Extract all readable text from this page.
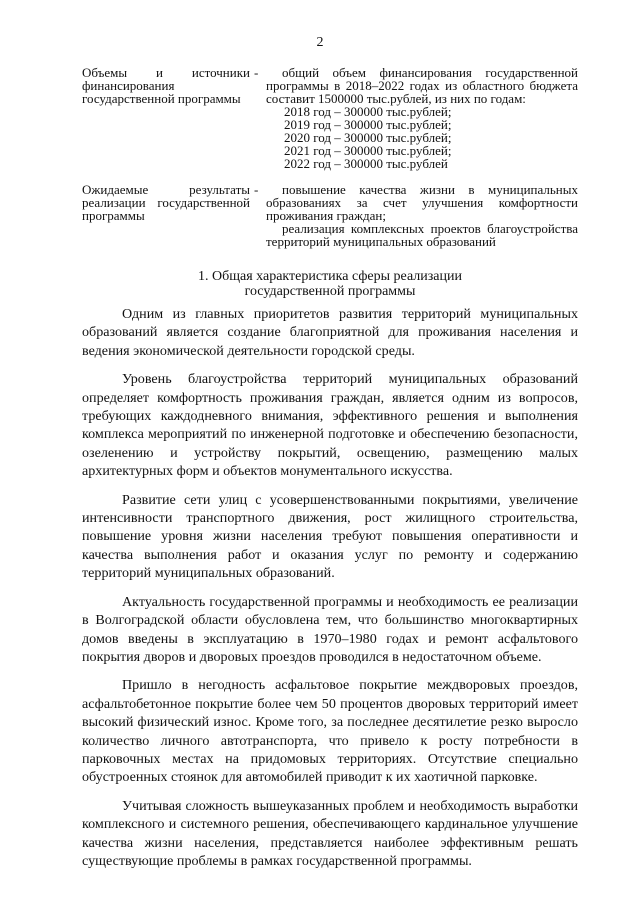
2
Объемы и источники финансирования государственной программы
-	общий объем финансирования государственной программы в 2018–2022 годах из областного бюджета составит 1500000 тыс.рублей, из них по годам:
2018 год – 300000 тыс.рублей;
2019 год – 300000 тыс.рублей;
2020 год – 300000 тыс.рублей;
2021 год – 300000 тыс.рублей;
2022 год – 300000 тыс.рублей
Ожидаемые результаты реализации государственной программы
-	повышение качества жизни в муниципальных образованиях за счет улучшения комфортности проживания граждан;
реализация комплексных проектов благоустройства территорий муниципальных образований
1. Общая характеристика сферы реализации
государственной программы

Одним из главных приоритетов развития территорий муниципальных образований является создание благоприятной для проживания населения и ведения экономической деятельности городской среды.

Уровень благоустройства территорий муниципальных образований определяет комфортность проживания граждан, является одним из вопросов, требующих каждодневного внимания, эффективного решения и выполнения комплекса мероприятий по инженерной подготовке и обеспечению безопасности, озеленению и устройству покрытий, освещению, размещению малых архитектурных форм и объектов монументального искусства.

Развитие сети улиц с усовершенствованными покрытиями, увеличение интенсивности транспортного движения, рост жилищного строительства, повышение уровня жизни населения требуют повышения оперативности и качества выполнения работ и оказания услуг по ремонту и содержанию территорий муниципальных образований.

Актуальность государственной программы и необходимость ее реализации в Волгоградской области обусловлена тем, что большинство многоквартирных домов введены в эксплуатацию в 1970–1980 годах и ремонт асфальтового покрытия дворов и дворовых проездов проводился в недостаточном объеме.

Пришло в негодность асфальтовое покрытие междворовых проездов, асфальтобетонное покрытие более чем 50 процентов дворовых территорий имеет высокий физический износ. Кроме того, за последнее десятилетие резко выросло количество личного автотранспорта, что привело к росту потребности в парковочных местах на придомовых территориях. Отсутствие специально обустроенных стоянок для автомобилей приводит к их хаотичной парковке.

Учитывая сложность вышеуказанных проблем и необходимость выработки комплексного и системного решения, обеспечивающего кардинальное улучшение качества жизни населения, представляется наиболее эффективным решать существующие проблемы в рамках государственной программы.
